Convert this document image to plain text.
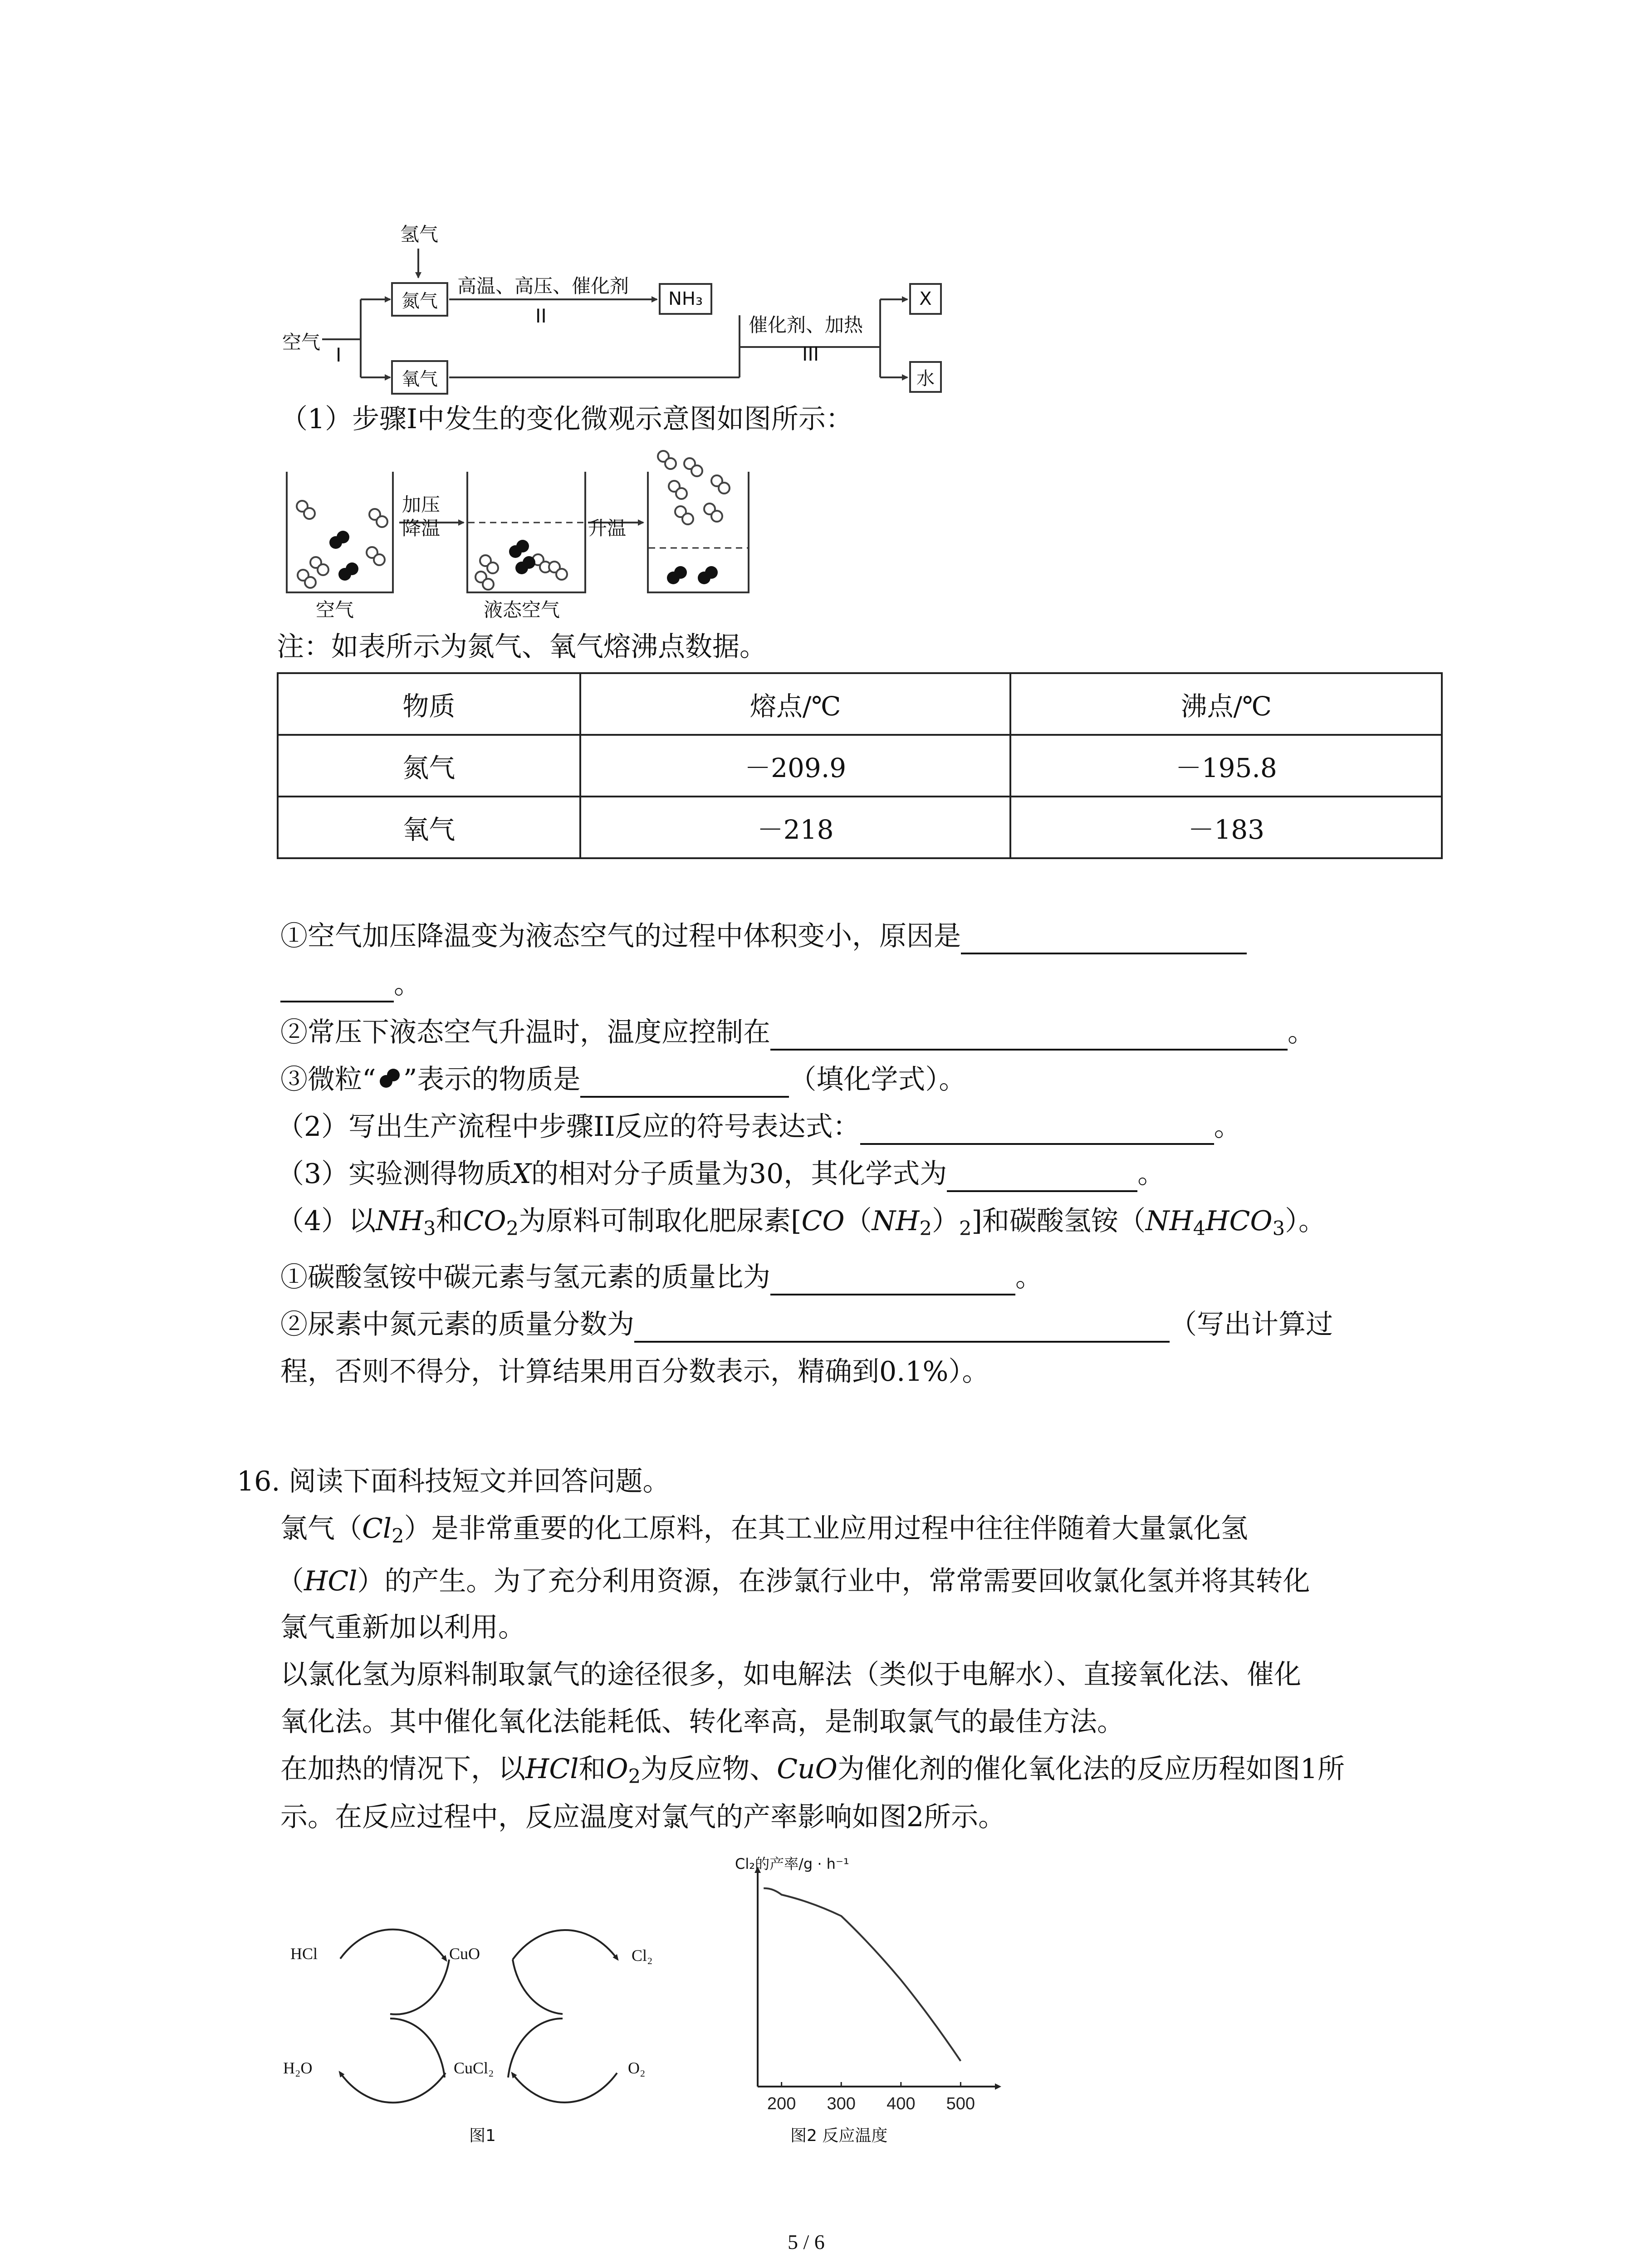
氢气
空气
I
氮气
氧气
高温、高压、催化剂
II
NH₃
催化剂、加热
III
X
水
（1）步骤Ⅰ中发生的变化微观示意图如图所示：
加压
降温	升温
空气	液态空气
注：如表所示为氮气、氧气熔沸点数据。
物质	熔点/℃	沸点/℃
氮气	－209.9	－195.8
氧气	－218	－183
①空气加压降温变为液态空气的过程中体积变小，原因是
。
②常压下液态空气升温时，温度应控制在	。
③微粒“ ”表示的物质是	（填化学式）。
（2）写出生产流程中步骤II反应的符号表达式：	。
（3）实验测得物质X的相对分子质量为30，其化学式为	。
（4）以$NH_3$和$CO_2$为原料可制取化肥尿素$[CO(NH_2)_2]$和碳酸氢铵$(NH_4HCO_3)$。
①碳酸氢铵中碳元素与氢元素的质量比为	。
②尿素中氮元素的质量分数为	（写出计算过
程，否则不得分，计算结果用百分数表示，精确到0.1%）。
16. 阅读下面科技短文并回答问题。
氯气$(Cl_2)$是非常重要的化工原料，在其工业应用过程中往往伴随着大量氯化氢
（HCl）的产生。为了充分利用资源，在涉氯行业中，常常需要回收氯化氢并将其转化
氯气重新加以利用。
以氯化氢为原料制取氯气的途径很多，如电解法（类似于电解水）、直接氧化法、催化
氧化法。其中催化氧化法能耗低、转化率高，是制取氯气的最佳方法。
在加热的情况下，以HCl和$O_2$为反应物、CuO为催化剂的催化氧化法的反应历程如图1所
示。在反应过程中，反应温度对氯气的产率影响如图2所示。
HCl	CuO	Cl₂
H₂O	CuCl₂	O₂
图1
200 300 400 500
Cl₂的产率/g · h⁻¹
图2 反应温度
5 / 6
